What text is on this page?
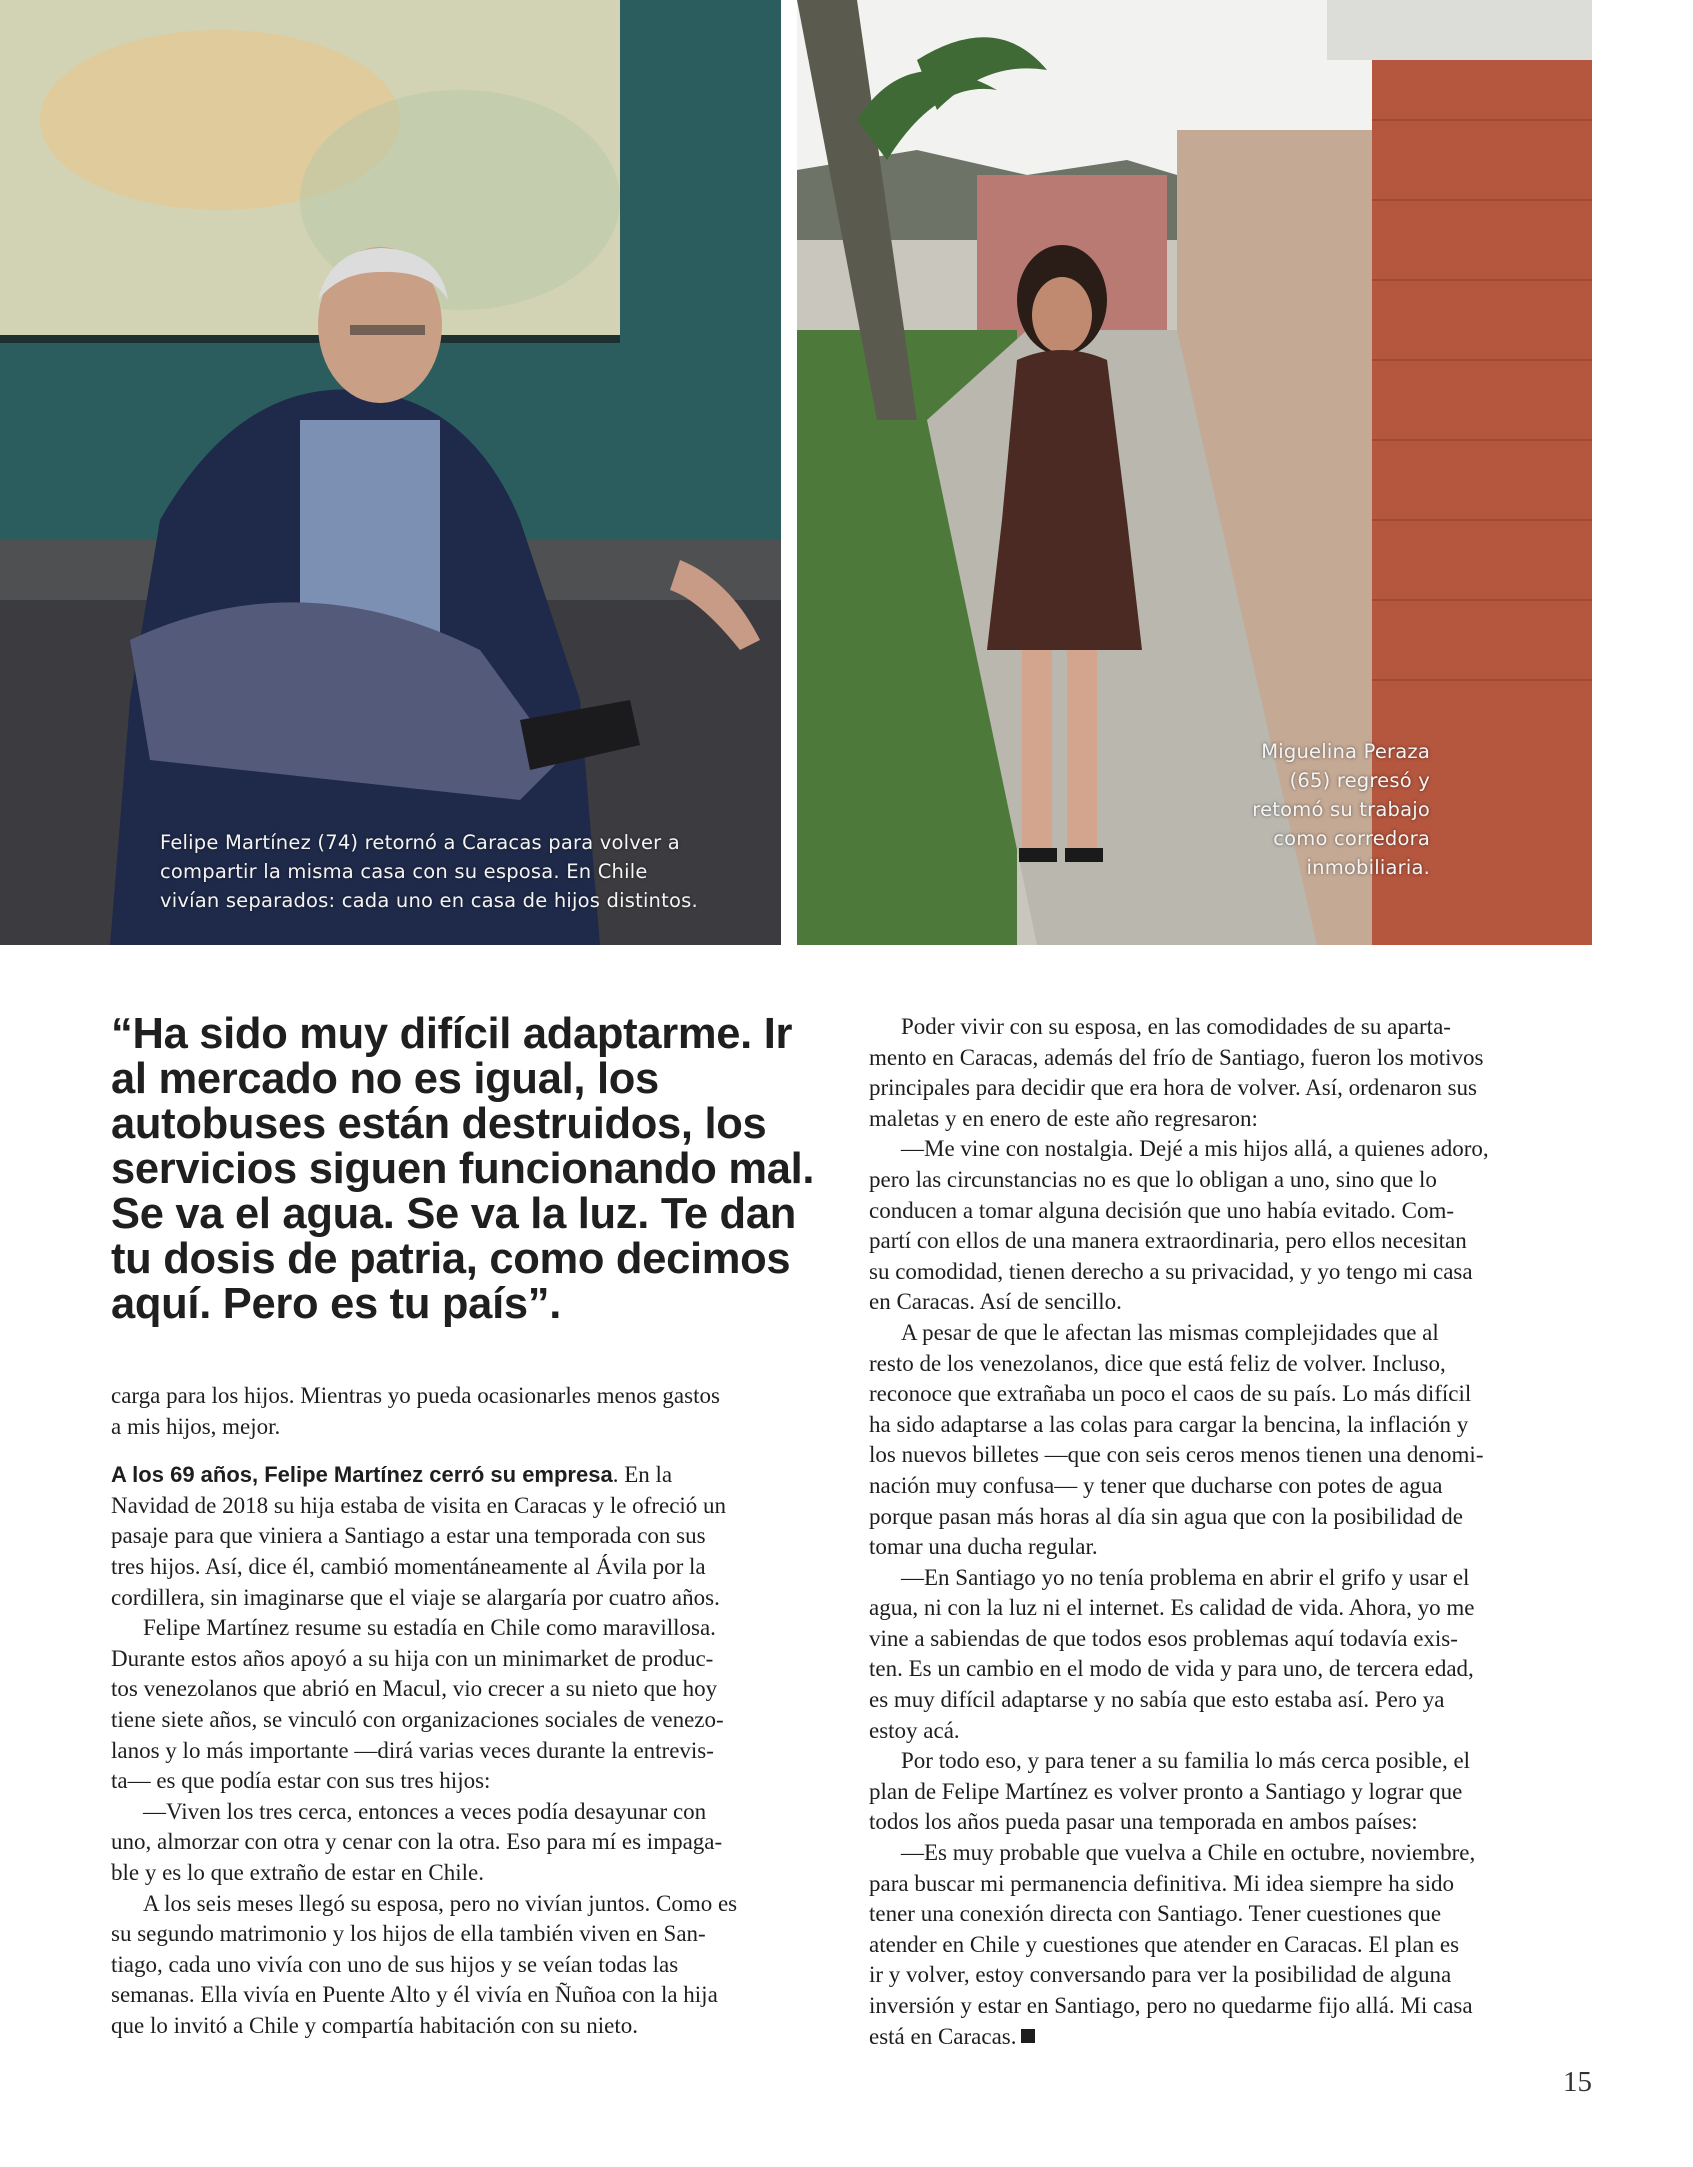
Felipe Martínez (74) retornó a Caracas para volver a
compartir la misma casa con su esposa. En Chile
vivían separados: cada uno en casa de hijos distintos.
Miguelina Peraza
(65) regresó y
retomó su trabajo
como corredora
inmobiliaria.
“Ha sido muy difícil adaptarme. Ir
al mercado no es igual, los
autobuses están destruidos, los
servicios siguen funcionando mal.
Se va el agua. Se va la luz. Te dan
tu dosis de patria, como decimos
aquí. Pero es tu país”.

carga para los hijos. Mientras yo pueda ocasionarles menos gastos
a mis hijos, mejor.

A los 69 años, Felipe Martínez cerró su empresa. En la
Navidad de 2018 su hija estaba de visita en Caracas y le ofreció un
pasaje para que viniera a Santiago a estar una temporada con sus
tres hijos. Así, dice él, cambió momentáneamente al Ávila por la
cordillera, sin imaginarse que el viaje se alargaría por cuatro años.

Felipe Martínez resume su estadía en Chile como maravillosa.
Durante estos años apoyó a su hija con un minimarket de produc-
tos venezolanos que abrió en Macul, vio crecer a su nieto que hoy
tiene siete años, se vinculó con organizaciones sociales de venezo-
lanos y lo más importante —dirá varias veces durante la entrevis-
ta— es que podía estar con sus tres hijos:

—Viven los tres cerca, entonces a veces podía desayunar con
uno, almorzar con otra y cenar con la otra. Eso para mí es impaga-
ble y es lo que extraño de estar en Chile.

A los seis meses llegó su esposa, pero no vivían juntos. Como es
su segundo matrimonio y los hijos de ella también viven en San-
tiago, cada uno vivía con uno de sus hijos y se veían todas las
semanas. Ella vivía en Puente Alto y él vivía en Ñuñoa con la hija
que lo invitó a Chile y compartía habitación con su nieto.

Poder vivir con su esposa, en las comodidades de su aparta-
mento en Caracas, además del frío de Santiago, fueron los motivos
principales para decidir que era hora de volver. Así, ordenaron sus
maletas y en enero de este año regresaron:

—Me vine con nostalgia. Dejé a mis hijos allá, a quienes adoro,
pero las circunstancias no es que lo obligan a uno, sino que lo
conducen a tomar alguna decisión que uno había evitado. Com-
partí con ellos de una manera extraordinaria, pero ellos necesitan
su comodidad, tienen derecho a su privacidad, y yo tengo mi casa
en Caracas. Así de sencillo.

A pesar de que le afectan las mismas complejidades que al
resto de los venezolanos, dice que está feliz de volver. Incluso,
reconoce que extrañaba un poco el caos de su país. Lo más difícil
ha sido adaptarse a las colas para cargar la bencina, la inflación y
los nuevos billetes —que con seis ceros menos tienen una denomi-
nación muy confusa— y tener que ducharse con potes de agua
porque pasan más horas al día sin agua que con la posibilidad de
tomar una ducha regular.

—En Santiago yo no tenía problema en abrir el grifo y usar el
agua, ni con la luz ni el internet. Es calidad de vida. Ahora, yo me
vine a sabiendas de que todos esos problemas aquí todavía exis-
ten. Es un cambio en el modo de vida y para uno, de tercera edad,
es muy difícil adaptarse y no sabía que esto estaba así. Pero ya
estoy acá.

Por todo eso, y para tener a su familia lo más cerca posible, el
plan de Felipe Martínez es volver pronto a Santiago y lograr que
todos los años pueda pasar una temporada en ambos países:

—Es muy probable que vuelva a Chile en octubre, noviembre,
para buscar mi permanencia definitiva. Mi idea siempre ha sido
tener una conexión directa con Santiago. Tener cuestiones que
atender en Chile y cuestiones que atender en Caracas. El plan es
ir y volver, estoy conversando para ver la posibilidad de alguna
inversión y estar en Santiago, pero no quedarme fijo allá. Mi casa
está en Caracas.

15
